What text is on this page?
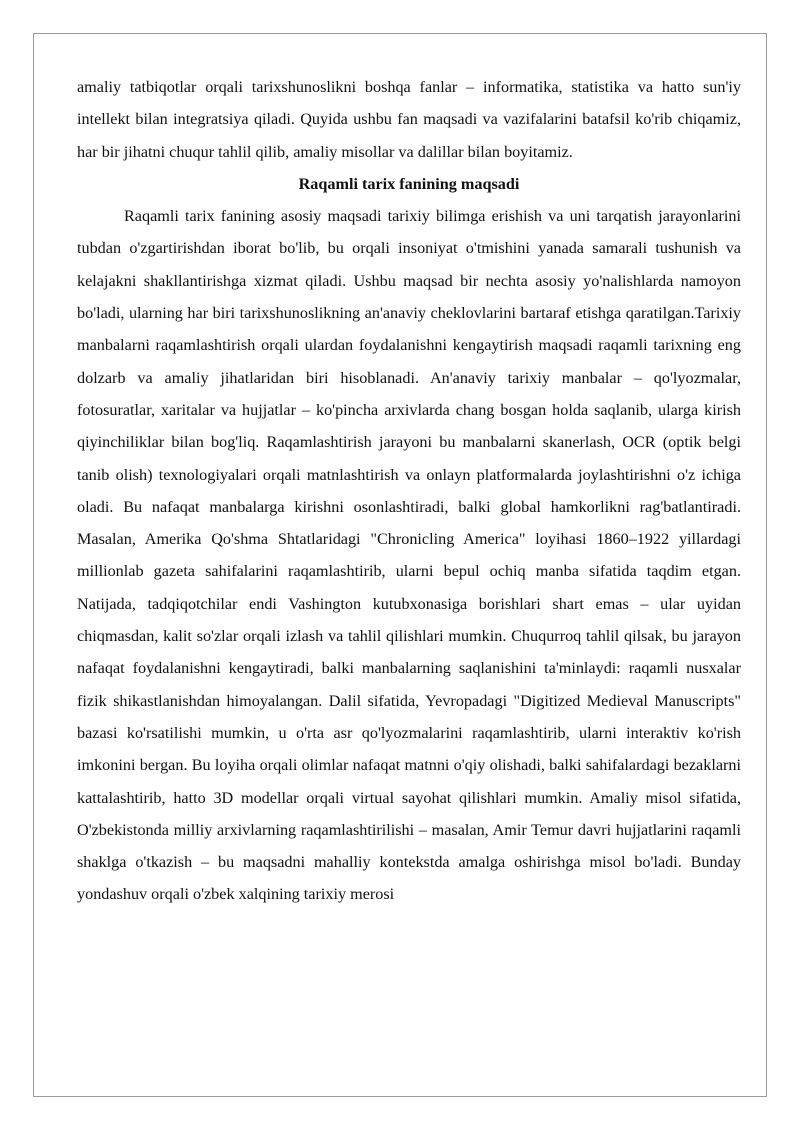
amaliy tatbiqotlar orqali tarixshunoslikni boshqa fanlar – informatika, statistika va hatto sun'iy intellekt bilan integratsiya qiladi. Quyida ushbu fan maqsadi va vazifalarini batafsil ko'rib chiqamiz, har bir jihatni chuqur tahlil qilib, amaliy misollar va dalillar bilan boyitamiz.

Raqamli tarix fanining maqsadi

Raqamli tarix fanining asosiy maqsadi tarixiy bilimga erishish va uni tarqatish jarayonlarini tubdan o'zgartirishdan iborat bo'lib, bu orqali insoniyat o'tmishini yanada samarali tushunish va kelajakni shakllantirishga xizmat qiladi. Ushbu maqsad bir nechta asosiy yo'nalishlarda namoyon bo'ladi, ularning har biri tarixshunoslikning an'anaviy cheklovlarini bartaraf etishga qaratilgan.Tarixiy manbalarni raqamlashtirish orqali ulardan foydalanishni kengaytirish maqsadi raqamli tarixning eng dolzarb va amaliy jihatlaridan biri hisoblanadi. An'anaviy tarixiy manbalar – qo'lyozmalar, fotosuratlar, xaritalar va hujjatlar – ko'pincha arxivlarda chang bosgan holda saqlanib, ularga kirish qiyinchiliklar bilan bog'liq. Raqamlashtirish jarayoni bu manbalarni skanerlash, OCR (optik belgi tanib olish) texnologiyalari orqali matnlashtirish va onlayn platformalarda joylashtirishni o'z ichiga oladi. Bu nafaqat manbalarga kirishni osonlashtiradi, balki global hamkorlikni rag'batlantiradi. Masalan, Amerika Qo'shma Shtatlaridagi "Chronicling America" loyihasi 1860–1922 yillardagi millionlab gazeta sahifalarini raqamlashtirib, ularni bepul ochiq manba sifatida taqdim etgan. Natijada, tadqiqotchilar endi Vashington kutubxonasiga borishlari shart emas – ular uyidan chiqmasdan, kalit so'zlar orqali izlash va tahlil qilishlari mumkin. Chuqurroq tahlil qilsak, bu jarayon nafaqat foydalanishni kengaytiradi, balki manbalarning saqlanishini ta'minlaydi: raqamli nusxalar fizik shikastlanishdan himoyalangan. Dalil sifatida, Yevropadagi "Digitized Medieval Manuscripts" bazasi ko'rsatilishi mumkin, u o'rta asr qo'lyozmalarini raqamlashtirib, ularni interaktiv ko'rish imkonini bergan. Bu loyiha orqali olimlar nafaqat matnni o'qiy olishadi, balki sahifalardagi bezaklarni kattalashtirib, hatto 3D modellar orqali virtual sayohat qilishlari mumkin. Amaliy misol sifatida, O'zbekistonda milliy arxivlarning raqamlashtirilishi – masalan, Amir Temur davri hujjatlarini raqamli shaklga o'tkazish – bu maqsadni mahalliy kontekstda amalga oshirishga misol bo'ladi. Bunday yondashuv orqali o'zbek xalqining tarixiy merosi
